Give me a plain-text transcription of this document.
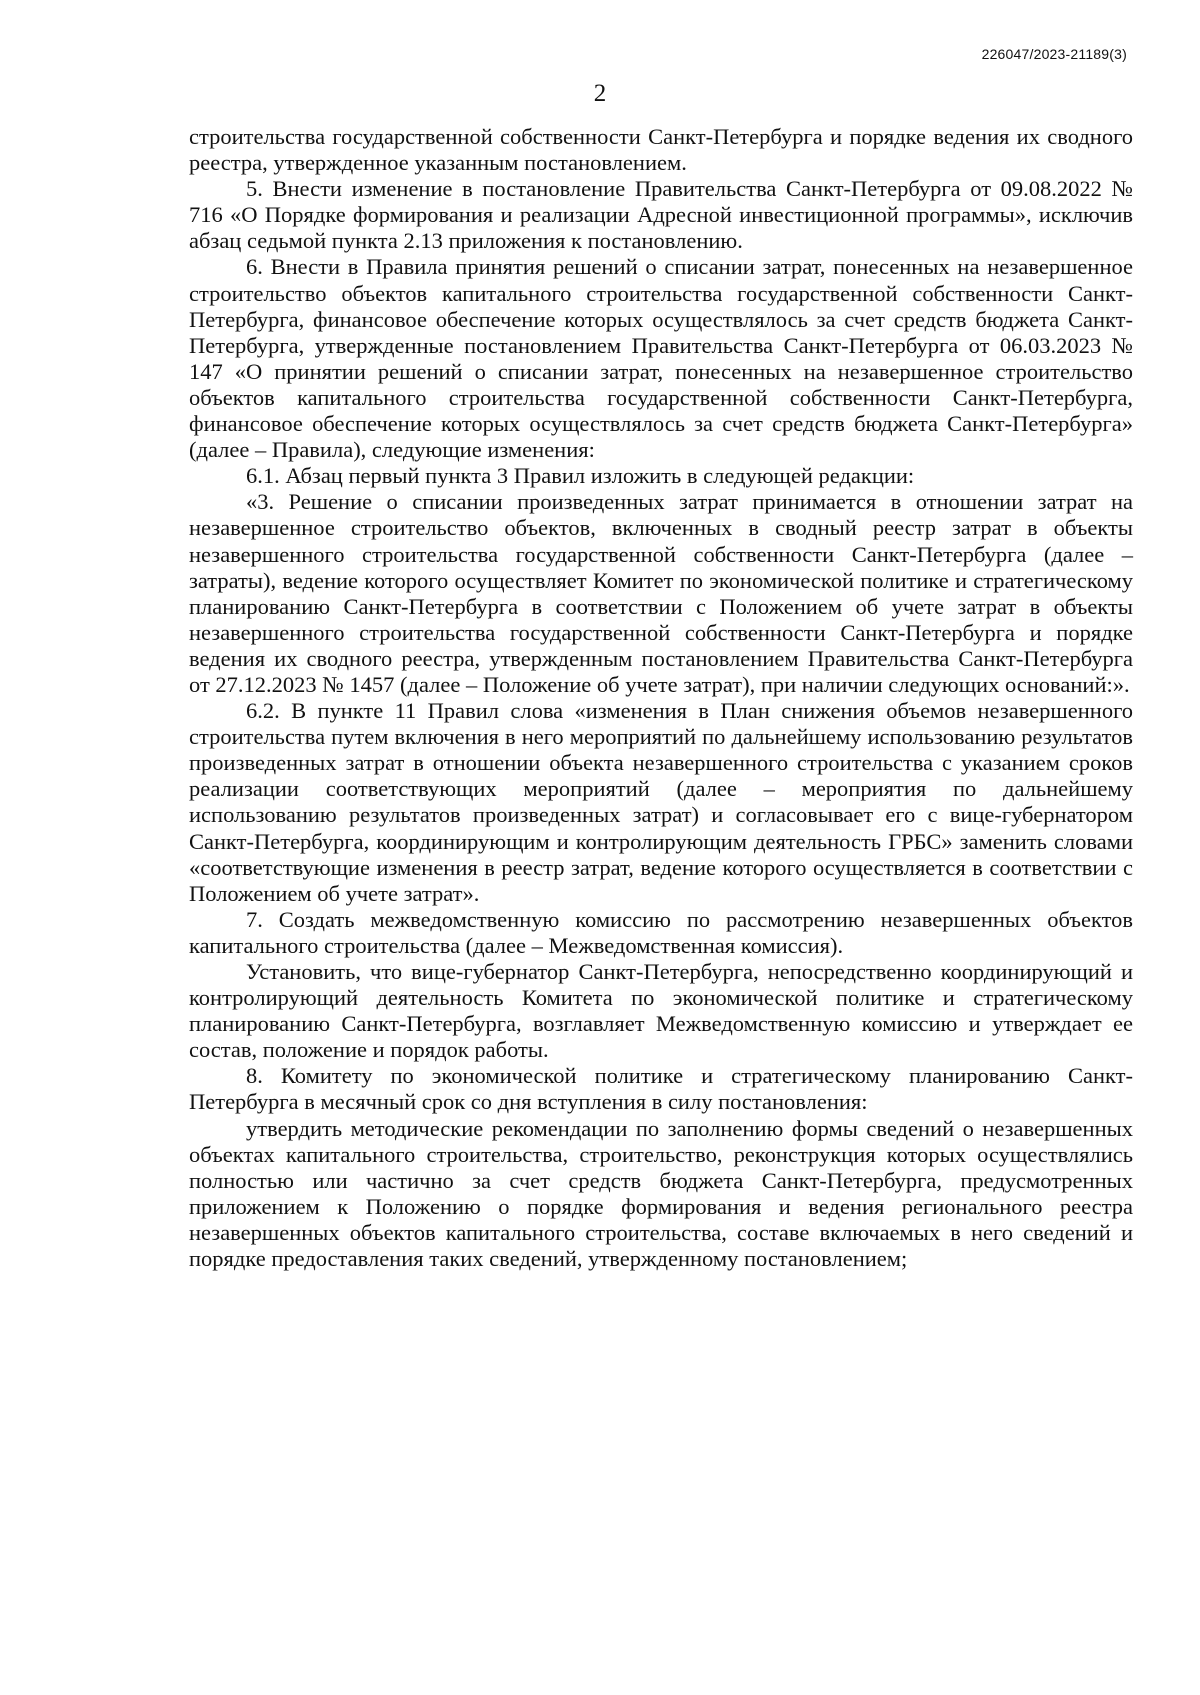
226047/2023-21189(3)
2

строительства государственной собственности Санкт-Петербурга и порядке ведения их сводного реестра, утвержденное указанным постановлением.

5. Внести изменение в постановление Правительства Санкт-Петербурга от 09.08.2022 № 716 «О Порядке формирования и реализации Адресной инвестиционной программы», исключив абзац седьмой пункта 2.13 приложения к постановлению.

6. Внести в Правила принятия решений о списании затрат, понесенных на незавершенное строительство объектов капитального строительства государственной собственности Санкт-Петербурга, финансовое обеспечение которых осуществлялось за счет средств бюджета Санкт-Петербурга, утвержденные постановлением Правительства Санкт-Петербурга от 06.03.2023 № 147 «О принятии решений о списании затрат, понесенных на незавершенное строительство объектов капитального строительства государственной собственности Санкт-Петербурга, финансовое обеспечение которых осуществлялось за счет средств бюджета Санкт-Петербурга» (далее – Правила), следующие изменения:

6.1. Абзац первый пункта 3 Правил изложить в следующей редакции:

«3. Решение о списании произведенных затрат принимается в отношении затрат на незавершенное строительство объектов, включенных в сводный реестр затрат в объекты незавершенного строительства государственной собственности Санкт-Петербурга (далее – затраты), ведение которого осуществляет Комитет по экономической политике и стратегическому планированию Санкт-Петербурга в соответствии с Положением об учете затрат в объекты незавершенного строительства государственной собственности Санкт-Петербурга и порядке ведения их сводного реестра, утвержденным постановлением Правительства Санкт-Петербурга от 27.12.2023 № 1457 (далее – Положение об учете затрат), при наличии следующих оснований:».

6.2. В пункте 11 Правил слова «изменения в План снижения объемов незавершенного строительства путем включения в него мероприятий по дальнейшему использованию результатов произведенных затрат в отношении объекта незавершенного строительства с указанием сроков реализации соответствующих мероприятий (далее – мероприятия по дальнейшему использованию результатов произведенных затрат) и согласовывает его с вице-губернатором Санкт-Петербурга, координирующим и контролирующим деятельность ГРБС» заменить словами «соответствующие изменения в реестр затрат, ведение которого осуществляется в соответствии с Положением об учете затрат».

7. Создать межведомственную комиссию по рассмотрению незавершенных объектов капитального строительства (далее – Межведомственная комиссия).

Установить, что вице-губернатор Санкт-Петербурга, непосредственно координирующий и контролирующий деятельность Комитета по экономической политике и стратегическому планированию Санкт-Петербурга, возглавляет Межведомственную комиссию и утверждает ее состав, положение и порядок работы.

8. Комитету по экономической политике и стратегическому планированию Санкт-Петербурга в месячный срок со дня вступления в силу постановления:

утвердить методические рекомендации по заполнению формы сведений о незавершенных объектах капитального строительства, строительство, реконструкция которых осуществлялись полностью или частично за счет средств бюджета Санкт-Петербурга, предусмотренных приложением к Положению о порядке формирования и ведения регионального реестра незавершенных объектов капитального строительства, составе включаемых в него сведений и порядке предоставления таких сведений, утвержденному постановлением;
